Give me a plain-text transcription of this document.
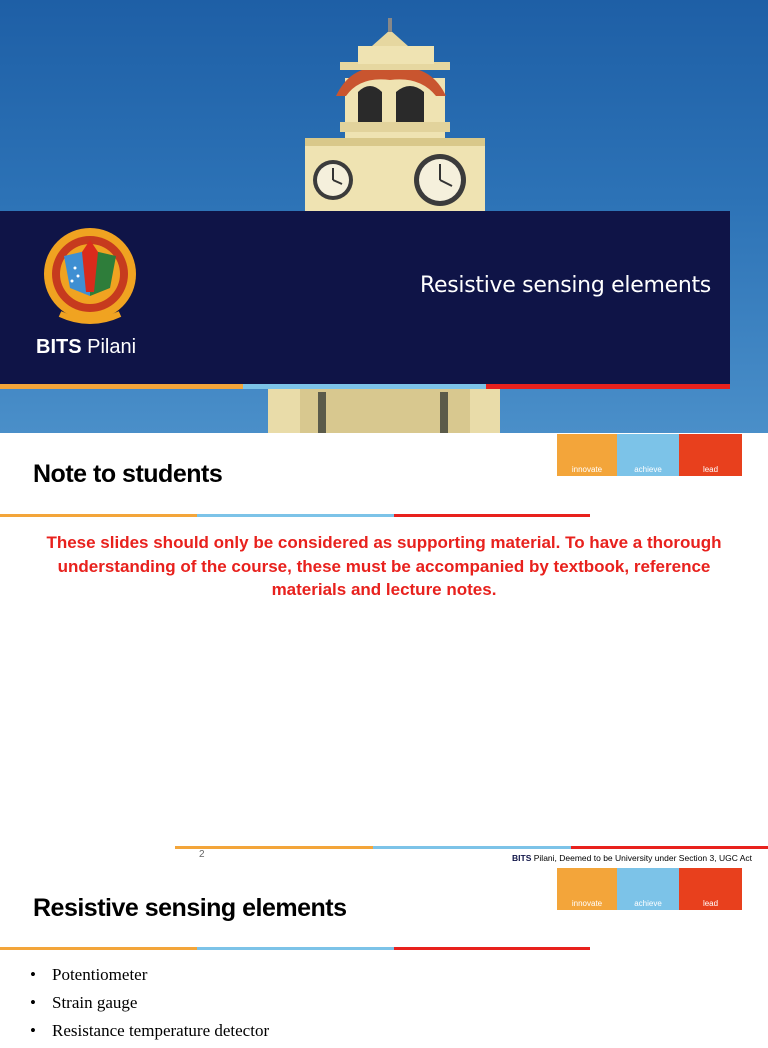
BITS Pilani
Resistive sensing elements
Note to students	innovate	achieve	lead
These slides should only be considered as supporting material. To have a thorough understanding of the course, these must be accompanied by textbook, reference materials and lecture notes.
2	BITS Pilani, Deemed to be University under Section 3, UGC Act
Resistive sensing elements	innovate	achieve	lead
• Potentiometer
• Strain gauge
• Resistance temperature detector
